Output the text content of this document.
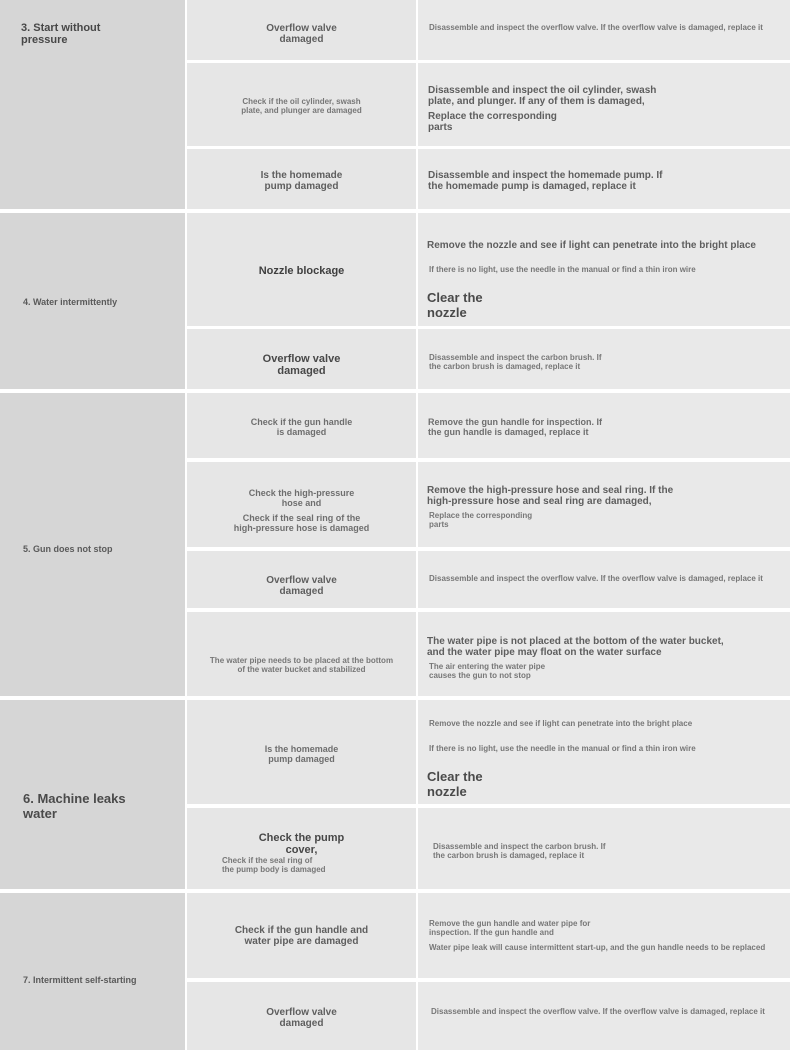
3. Start without
pressure
Overflow valve
damaged
Disassemble and inspect the overflow valve. If the overflow valve is damaged, replace it
Check if the oil cylinder, swash
plate, and plunger are damaged
Disassemble and inspect the oil cylinder, swash
plate, and plunger. If any of them is damaged,
Replace the corresponding
parts
Is the homemade
pump damaged
Disassemble and inspect the homemade pump. If
the homemade pump is damaged, replace it
4. Water intermittently
Nozzle blockage
Remove the nozzle and see if light can penetrate into the bright place
If there is no light, use the needle in the manual or find a thin iron wire
Clear the
nozzle
Overflow valve
damaged
Disassemble and inspect the carbon brush. If
the carbon brush is damaged, replace it
5. Gun does not stop
Check if the gun handle
is damaged
Remove the gun handle for inspection. If
the gun handle is damaged, replace it
Check the high-pressure
hose and
Check if the seal ring of the
high-pressure hose is damaged
Remove the high-pressure hose and seal ring. If the
high-pressure hose and seal ring are damaged,
Replace the corresponding
parts
Overflow valve
damaged
Disassemble and inspect the overflow valve. If the overflow valve is damaged, replace it
The water pipe needs to be placed at the bottom
of the water bucket and stabilized
The water pipe is not placed at the bottom of the water bucket,
and the water pipe may float on the water surface
The air entering the water pipe
causes the gun to not stop
6. Machine leaks
water
Is the homemade
pump damaged
Remove the nozzle and see if light can penetrate into the bright place
If there is no light, use the needle in the manual or find a thin iron wire
Clear the
nozzle
Check the pump
cover,
Check if the seal ring of
the pump body is damaged
Disassemble and inspect the carbon brush. If
the carbon brush is damaged, replace it
7. Intermittent self-starting
Check if the gun handle and
water pipe are damaged
Remove the gun handle and water pipe for
inspection. If the gun handle and
Water pipe leak will cause intermittent start-up, and the gun handle needs to be replaced
Overflow valve
damaged
Disassemble and inspect the overflow valve. If the overflow valve is damaged, replace it
